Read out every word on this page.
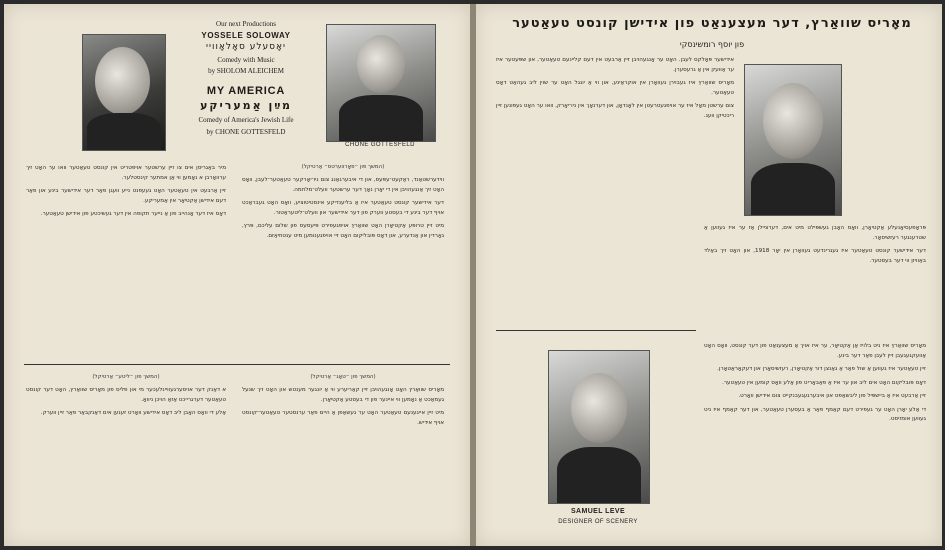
Our next Productions
YOSSELE SOLOWAY
יאָסעלע סאָלאָוויי
Comedy with Music
by SHOLOM ALEICHEM
MY AMERICA
מײַן אַמעריקע
Comedy of America's Jewish Life
by CHONE GOTTESFELD
CHONE GOTTESFELD
(המשך פון ״פאָרווערטס״ אַרטיקל)

ווידערשטאַנד, ראַקעט־עפּעס, און די איבערגאַנג צום ניו־יאָרקער טעאַטער־לעבן, וואָס האָט זיך אַנגעהויבן אין די יאָרן נאָך דער ערשטער וועלט־מלחמה.

דער אידישער קונסט טעאַטער איז אַ בליענדיקע אינסטיטוציע, וואָס האָט געבראַכט אויף דער בינע די בעסטע ווערק פון דער אידישער און וועלט־ליטעראַטור.

מיט זיין טרופּע אַקטיאָרן האָט שוואַרץ אויפגעפירט פּיעסעס פון שלום עליכם, פּרץ, גאָרדין און אַנדערע, און דאָס פּובליקום האָט זיי אויפגענומען מיט ענטוזיאַזם.

מיר באַגריסן אים צו זיין ערשטער אויפטריט אין קונסט טעאַטער וואו ער האָט זיך ערוואָרבן א נאָמען ווי אַן אמתער קינסטלער.

זיין אַרבעט אין טעאַטער האָט געעפנט נייע וועגן פאַר דער אידישער בינע און פאַר דעם אידישן אַקטיאָר אין אַמעריקע.

דאָס איז דער אָנהייב פון אַ נייער תקופה אין דער געשיכטע פון אידישן טעאַטער.

(המשך פון ״טאָג״ אַרטיקל)

מאָריס שוואַרץ האָט אָנגעהויבן זיין קאַריערע ווי אַ יונגער מענטש און האָט זיך שנעל געמאַכט אַ נאָמען ווי איינער פון די בעסטע אַקטיאָרן.

מיט זיין אייגענעם טעאַטער האָט ער געשאַפן אַ היים פאַר ערנסטער טעאַטער־קונסט אויף אידיש.

(המשך פון ״ליטע״ אַרטיקל)

א דאַנק דער אויסערגעוויינלעכער מי און פליס פון מאָריס שוואַרץ, האָט דער קונסט טעאַטער דערגרייכט אַזאַ הויכן ניוואָ.

אַלע די וואָס האָבן ליב דאָס אידישע וואָרט זענען אים דאַנקבאַר פאַר זיין ווערק.

מאָריס שוואַרץ, דער מעצענאַט פון אידישן קונסט טעאַטער
פון יוסף רומשינסקי

אידישער פּאָלקס לעבן. האָט ער אָנגעהויבן זיין אַרבעט אין דעם קליינעם טעאַטער, און שפּעטער איז ער אַוועק אין אַ גרעסערן.

מאָריס שוואַרץ איז געבוירן געוואָרן אין אוקראַינע, און ווי אַ יונגל האָט ער שוין ליב געהאַט דאָס טעאַטער.

צום ערשטן מאָל איז ער אויפגעטרעטן אין לאָנדאָן, און דערנאָך אין ניו־יאָרק, וואו ער האָט געפונען זיין ריכטיקן וועג.

פּראָפעסיאָנעלע אַקטיאָרן, וואָס האָבן געשפּילט מיט אים, דערציילן אַז ער איז געווען אַ שטרענגער רעזשיסאָר.

דער אידישער קונסט טעאַטער איז געגרינדעט געוואָרן אין יאָר 1918, און האָט זיך באַלד באַוויזן ווי דער בעסטער.

SAMUEL LEVE
DESIGNER OF SCENERY

מאָריס שוואַרץ איז ניט בלויז אַן אַקטיאָר, ער איז אויך אַ מעצענאַט פון דער קונסט, וואָס האָט אַוועקגעגעבן זיין לעבן פאַר דער בינע.

זיין טעאַטער איז געווען אַ שול פאַר אַ גאַנצן דור אַקטיאָרן, רעזשיסאָרן און דעקאָראַטאָרן.

דאָס פּובליקום האָט אים ליב און ער איז אַ פאַבאָריט פון אַלע וואָס קומען אין טעאַטער.

זיין אַרבעט איז אַ ביישפּיל פון ליבשאַפט און איבערגעגעבנקייט צום אידישן וואָרט.

די אַלע יאָרן האָט ער געפירט דעם קאַמף פאַר אַ בעסערן טעאַטער, און דער קאַמף איז ניט געווען אומזיסט.
